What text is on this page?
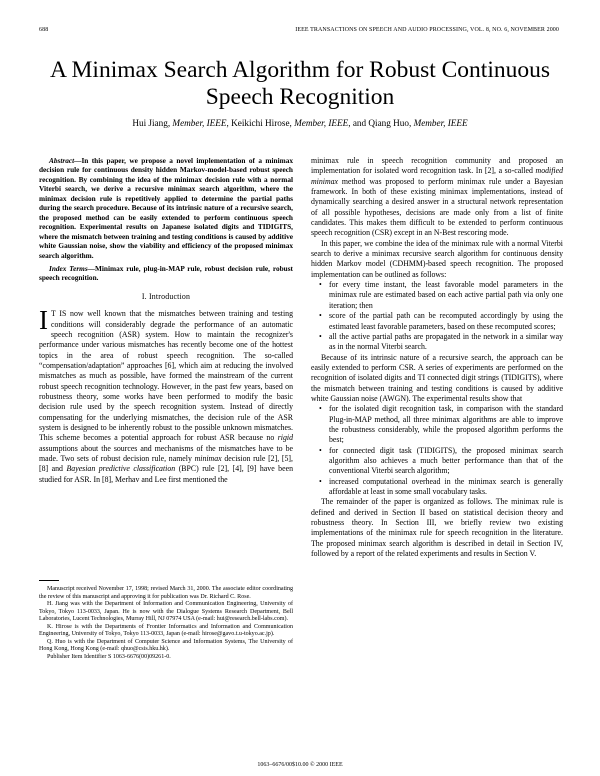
688	IEEE TRANSACTIONS ON SPEECH AND AUDIO PROCESSING, VOL. 8, NO. 6, NOVEMBER 2000
A Minimax Search Algorithm for Robust Continuous Speech Recognition
Hui Jiang, Member, IEEE, Keikichi Hirose, Member, IEEE, and Qiang Huo, Member, IEEE

Abstract—In this paper, we propose a novel implementation of a minimax decision rule for continuous density hidden Markov-model-based robust speech recognition. By combining the idea of the minimax decision rule with a normal Viterbi search, we derive a recursive minimax search algorithm, where the minimax decision rule is repetitively applied to determine the partial paths during the search procedure. Because of its intrinsic nature of a recursive search, the proposed method can be easily extended to perform continuous speech recognition. Experimental results on Japanese isolated digits and TIDIGITS, where the mismatch between training and testing conditions is caused by additive white Gaussian noise, show the viability and efficiency of the proposed minimax search algorithm.

Index Terms—Minimax rule, plug-in-MAP rule, robust decision rule, robust speech recognition.

I. Introduction

I T IS now well known that the mismatches between training and testing conditions will considerably degrade the performance of an automatic speech recognition (ASR) system. How to maintain the recognizer's performance under various mismatches has recently become one of the hottest topics in the area of robust speech recognition. The so-called “compensation/adaptation” approaches [6], which aim at reducing the involved mismatches as much as possible, have formed the mainstream of the current robust speech recognition technology. However, in the past few years, based on robustness theory, some works have been performed to modify the basic decision rule used by the speech recognition system. Instead of directly compensating for the underlying mismatches, the decision rule of the ASR system is designed to be inherently robust to the possible unknown mismatches. This scheme becomes a potential approach for robust ASR because no rigid assumptions about the sources and mechanisms of the mismatches have to be made. Two sets of robust decision rule, namely minimax decision rule [2], [5], [8] and Bayesian predictive classification (BPC) rule [2], [4], [9] have been studied for ASR. In [8], Merhav and Lee first mentioned the

minimax rule in speech recognition community and proposed an implementation for isolated word recognition task. In [2], a so-called modified minimax method was proposed to perform minimax rule under a Bayesian framework. In both of these existing minimax implementations, instead of dynamically searching a desired answer in a structural network representation of all possible hypotheses, decisions are made only from a list of finite candidates. This makes them difficult to be extended to perform continuous speech recognition (CSR) except in an N-Best rescoring mode.

In this paper, we combine the idea of the minimax rule with a normal Viterbi search to derive a minimax recursive search algorithm for continuous density hidden Markov model (CDHMM)-based speech recognition. The proposed implementation can be outlined as follows:

• for every time instant, the least favorable model parameters in the minimax rule are estimated based on each active partial path via only one iteration; then
• score of the partial path can be recomputed accordingly by using the estimated least favorable parameters, based on these recomputed scores;
• all the active partial paths are propagated in the network in a similar way as in the normal Viterbi search.

Because of its intrinsic nature of a recursive search, the approach can be easily extended to perform CSR. A series of experiments are performed on the recognition of isolated digits and TI connected digit strings (TIDIGITS), where the mismatch between training and testing conditions is caused by additive white Gaussian noise (AWGN). The experimental results show that

• for the isolated digit recognition task, in comparison with the standard Plug-in-MAP method, all three minimax algorithms are able to improve the robustness considerably, while the proposed algorithm performs the best;
• for connected digit task (TIDIGITS), the proposed minimax search algorithm also achieves a much better performance than that of the conventional Viterbi search algorithm;
• increased computational overhead in the minimax search is generally affordable at least in some small vocabulary tasks.

The remainder of the paper is organized as follows. The minimax rule is defined and derived in Section II based on statistical decision theory and robustness theory. In Section III, we briefly review two existing implementations of the minimax rule for speech recognition in the literature. The proposed minimax search algorithm is described in detail in Section IV, followed by a report of the related experiments and results in Section V.

Manuscript received November 17, 1998; revised March 31, 2000. The associate editor coordinating the review of this manuscript and approving it for publication was Dr. Richard C. Rose.

H. Jiang was with the Department of Information and Communication Engineering, University of Tokyo, Tokyo 113-0033, Japan. He is now with the Dialogue Systems Research Department, Bell Laboratories, Lucent Technologies, Murray Hill, NJ 07974 USA (e-mail: hui@research.bell-labs.com).

K. Hirose is with the Departments of Frontier Informatics and Information and Communication Engineering, University of Tokyo, Tokyo 113-0033, Japan (e-mail: hirose@gavo.t.u-tokyo.ac.jp).

Q. Huo is with the Department of Computer Science and Information Systems, The University of Hong Kong, Hong Kong (e-mail: qhuo@csis.hku.hk).

Publisher Item Identifier S 1063-6676(00)09261-0.

1063–6676/00$10.00 © 2000 IEEE
